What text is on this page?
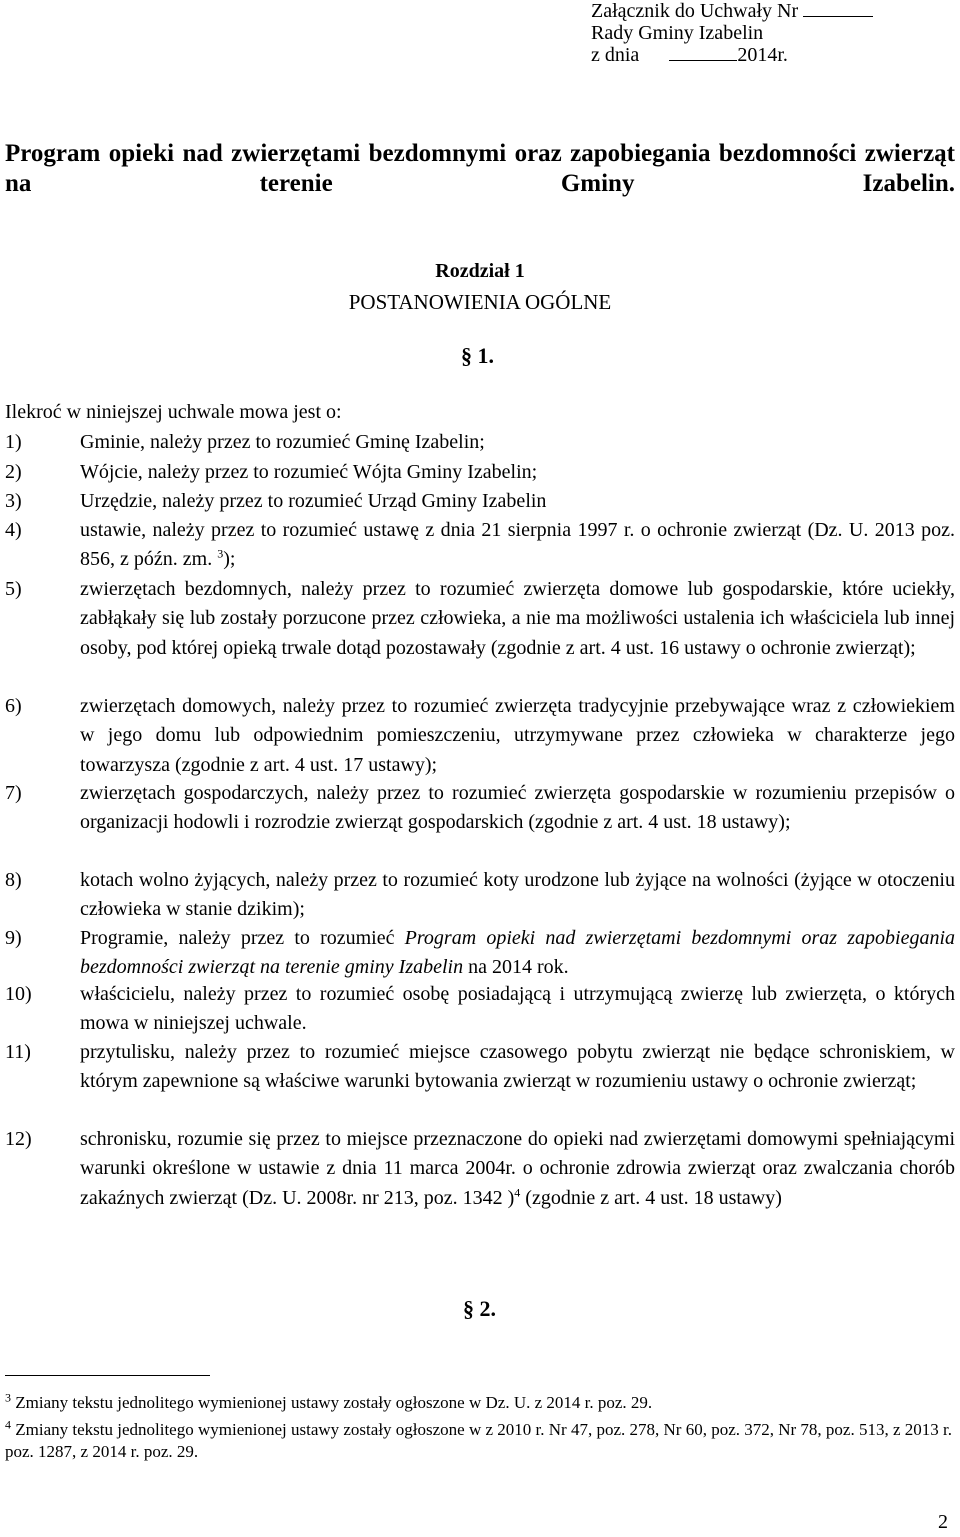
Załącznik do Uchwały Nr
Rady Gminy Izabelin
z dnia	2014r.
Program opieki nad zwierzętami bezdomnymi oraz zapobiegania bezdomności zwierząt na terenie Gminy Izabelin.
Rozdział 1
POSTANOWIENIA OGÓLNE
§ 1.
Ilekroć w niniejszej uchwale mowa jest o:
1)	Gminie, należy przez to rozumieć Gminę Izabelin;
2)	Wójcie, należy przez to rozumieć Wójta Gminy Izabelin;
3)	Urzędzie, należy przez to rozumieć Urząd Gminy Izabelin
4)	ustawie, należy przez to rozumieć ustawę z dnia 21 sierpnia 1997 r. o ochronie zwierząt (Dz. U. 2013 poz. 856, z późn. zm. $^3$);
5)	zwierzętach bezdomnych, należy przez to rozumieć zwierzęta domowe lub gospodarskie, które uciekły, zabłąkały się lub zostały porzucone przez człowieka, a nie ma możliwości ustalenia ich właściciela lub innej osoby, pod której opieką trwale dotąd pozostawały (zgodnie z art. 4 ust. 16 ustawy o ochronie zwierząt);
6)	zwierzętach domowych, należy przez to rozumieć zwierzęta tradycyjnie przebywające wraz z człowiekiem w jego domu lub odpowiednim pomieszczeniu, utrzymywane przez człowieka w charakterze jego towarzysza (zgodnie z art. 4 ust. 17 ustawy);
7)	zwierzętach gospodarczych, należy przez to rozumieć zwierzęta gospodarskie w rozumieniu przepisów o organizacji hodowli i rozrodzie zwierząt gospodarskich (zgodnie z art. 4 ust. 18 ustawy);
8)	kotach wolno żyjących, należy przez to rozumieć koty urodzone lub żyjące na wolności (żyjące w otoczeniu człowieka w stanie dzikim);
9)	Programie, należy przez to rozumieć Program opieki nad zwierzętami bezdomnymi oraz zapobiegania bezdomności zwierząt na terenie gminy Izabelin na 2014 rok.
10) właścicielu, należy przez to rozumieć osobę posiadającą i utrzymującą zwierzę lub zwierzęta, o których mowa w niniejszej uchwale.
11) przytulisku, należy przez to rozumieć miejsce czasowego pobytu zwierząt nie będące schroniskiem, w którym zapewnione są właściwe warunki bytowania zwierząt w rozumieniu ustawy o ochronie zwierząt;
12) schronisku, rozumie się przez to miejsce przeznaczone do opieki nad zwierzętami domowymi spełniającymi warunki określone w ustawie z dnia 11 marca 2004r. o ochronie zdrowia zwierząt oraz zwalczania chorób zakaźnych zwierząt (Dz. U. 2008r. nr 213, poz. 1342 )$^4$ (zgodnie z art. 4 ust. 18 ustawy)
§ 2.
$^3$ Zmiany tekstu jednolitego wymienionej ustawy zostały ogłoszone w Dz. U. z 2014 r. poz. 29.
$^4$ Zmiany tekstu jednolitego wymienionej ustawy zostały ogłoszone w z 2010 r. Nr 47, poz. 278, Nr 60, poz. 372, Nr 78, poz. 513, z 2013 r. poz. 1287, z 2014 r. poz. 29.
2
